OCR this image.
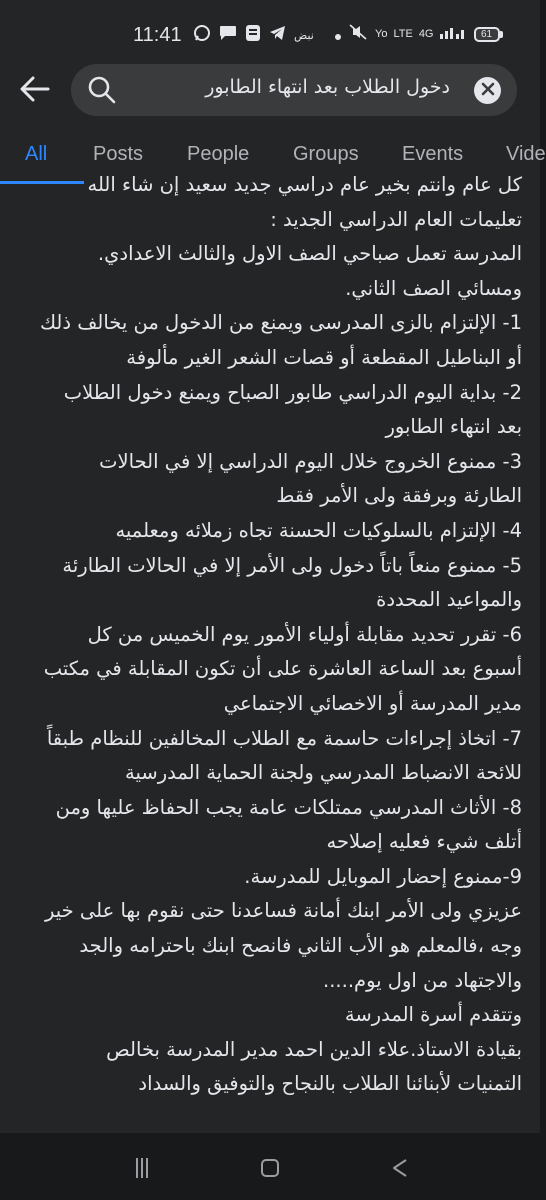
11:41	نبض	Yo LTE 4G	61
دخول الطلاب بعد انتهاء الطابور
All Posts People Groups Events Vide
كل عام وانتم بخير عام دراسي جديد سعيد إن شاء الله
تعليمات العام الدراسي الجديد :
المدرسة تعمل صباحي الصف الاول والثالث الاعدادي.
ومسائي الصف الثاني.
1- الإلتزام بالزى المدرسى ويمنع من الدخول من يخالف ذلك
أو البناطيل المقطعة أو قصات الشعر الغير مألوفة
2- بداية اليوم الدراسي طابور الصباح ويمنع دخول الطلاب
بعد انتهاء الطابور
3- ممنوع الخروج خلال اليوم الدراسي إلا في الحالات
الطارئة وبرفقة ولى الأمر فقط
4- الإلتزام بالسلوكيات الحسنة تجاه زملائه ومعلميه
5- ممنوع منعاً باتاً دخول ولى الأمر إلا في الحالات الطارئة
والمواعيد المحددة
6- تقرر تحديد مقابلة أولياء الأمور يوم الخميس من كل
أسبوع بعد الساعة العاشرة على أن تكون المقابلة في مكتب
مدير المدرسة أو الاخصائي الاجتماعي
7- اتخاذ إجراءات حاسمة مع الطلاب المخالفين للنظام طبقاً
للائحة الانضباط المدرسي ولجنة الحماية المدرسية
8- الأثاث المدرسي ممتلكات عامة يجب الحفاظ عليها ومن
أتلف شيء فعليه إصلاحه
9-ممنوع إحضار الموبايل للمدرسة.
عزيزي ولى الأمر ابنك أمانة فساعدنا حتى نقوم بها على خير
وجه ،فالمعلم هو الأب الثاني فانصح ابنك باحترامه والجد
والاجتهاد من اول يوم.....
وتتقدم أسرة المدرسة
بقيادة الاستاذ.علاء الدين احمد مدير المدرسة بخالص
التمنيات لأبنائنا الطلاب بالنجاح والتوفيق والسداد
